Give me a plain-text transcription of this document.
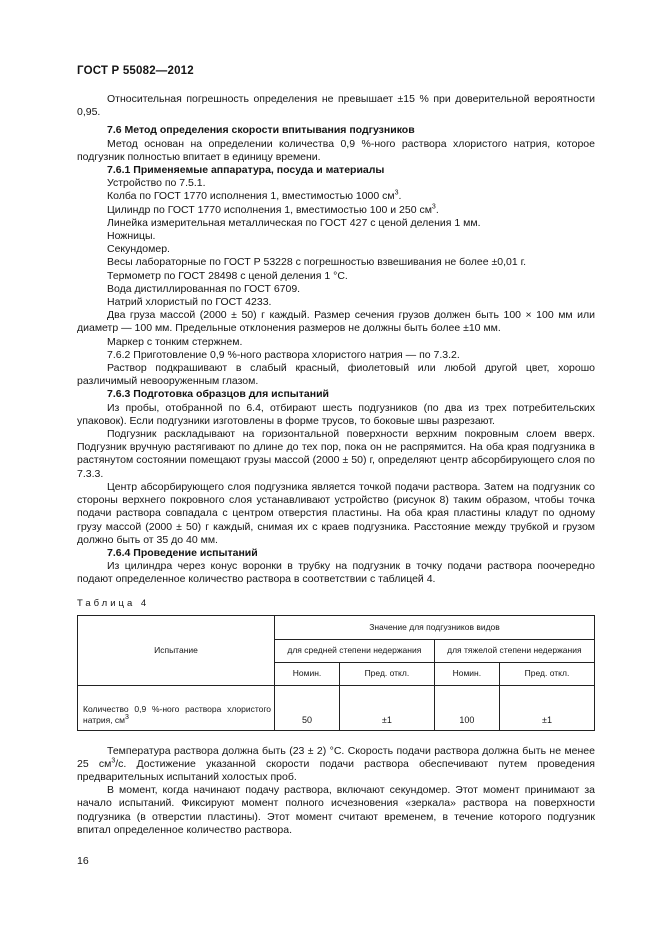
ГОСТ Р 55082—2012

Относительная погрешность определения не превышает ±15 % при доверительной вероятности 0,95.

7.6 Метод определения скорости впитывания подгузников

Метод основан на определении количества 0,9 %-ного раствора хлористого натрия, которое подгузник полностью впитает в единицу времени.

7.6.1 Применяемые аппаратура, посуда и материалы

Устройство по 7.5.1.

Колба по ГОСТ 1770 исполнения 1, вместимостью 1000 $см^3$.

Цилиндр по ГОСТ 1770 исполнения 1, вместимостью 100 и 250 $см^3$.

Линейка измерительная металлическая по ГОСТ 427 с ценой деления 1 мм.

Ножницы.

Секундомер.

Весы лабораторные по ГОСТ Р 53228 с погрешностью взвешивания не более ±0,01 г.

Термометр по ГОСТ 28498 с ценой деления 1 °С.

Вода дистиллированная по ГОСТ 6709.

Натрий хлористый по ГОСТ 4233.

Два груза массой (2000 ± 50) г каждый. Размер сечения грузов должен быть 100 × 100 мм или диаметр — 100 мм. Предельные отклонения размеров не должны быть более ±10 мм.

Маркер с тонким стержнем.

7.6.2 Приготовление 0,9 %-ного раствора хлористого натрия — по 7.3.2.

Раствор подкрашивают в слабый красный, фиолетовый или любой другой цвет, хорошо различимый невооруженным глазом.

7.6.3 Подготовка образцов для испытаний

Из пробы, отобранной по 6.4, отбирают шесть подгузников (по два из трех потребительских упаковок). Если подгузники изготовлены в форме трусов, то боковые швы разрезают.

Подгузник раскладывают на горизонтальной поверхности верхним покровным слоем вверх. Подгузник вручную растягивают по длине до тех пор, пока он не распрямится. На оба края подгузника в растянутом состоянии помещают грузы массой (2000 ± 50) г, определяют центр абсорбирующего слоя по 7.3.3.

Центр абсорбирующего слоя подгузника является точкой подачи раствора. Затем на подгузник со стороны верхнего покровного слоя устанавливают устройство (рисунок 8) таким образом, чтобы точка подачи раствора совпадала с центром отверстия пластины. На оба края пластины кладут по одному грузу массой (2000 ± 50) г каждый, снимая их с краев подгузника. Расстояние между трубкой и грузом должно быть от 35 до 40 мм.

7.6.4 Проведение испытаний

Из цилиндра через конус воронки в трубку на подгузник в точку подачи раствора поочередно подают определенное количество раствора в соответствии с таблицей 4.

Таблица 4
Испытание	Значение для подгузников видов			
	для средней степени недержания		для тяжелой степени недержания	
	Номин.	Пред. откл.	Номин.	Пред. откл.
Количество 0,9 %-ного раствора хлористого натрия, $см^3$	50	±1	100	±1

Температура раствора должна быть (23 ± 2) °С. Скорость подачи раствора должна быть не менее 25 $см^3/с$. Достижение указанной скорости подачи раствора обеспечивают путем проведения предварительных испытаний холостых проб.

В момент, когда начинают подачу раствора, включают секундомер. Этот момент принимают за начало испытаний. Фиксируют момент полного исчезновения «зеркала» раствора на поверхности подгузника (в отверстии пластины). Этот момент считают временем, в течение которого подгузник впитал определенное количество раствора.

16
